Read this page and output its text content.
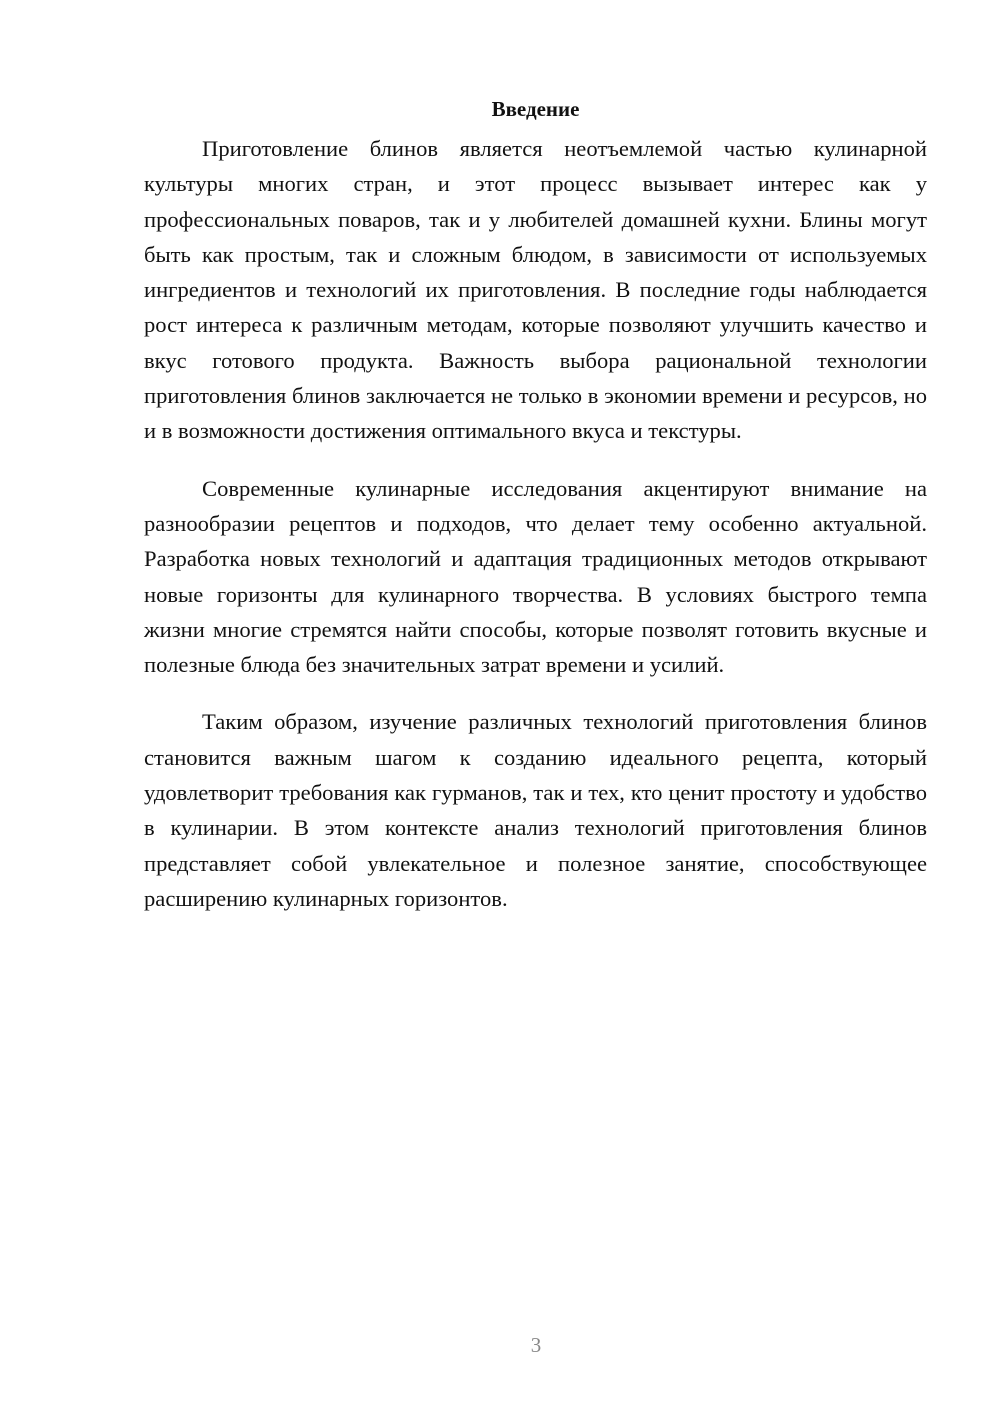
Введение

Приготовление блинов является неотъемлемой частью кулинарной культуры многих стран, и этот процесс вызывает интерес как у профессиональных поваров, так и у любителей домашней кухни. Блины могут быть как простым, так и сложным блюдом, в зависимости от используемых ингредиентов и технологий их приготовления. В последние годы наблюдается рост интереса к различным методам, которые позволяют улучшить качество и вкус готового продукта. Важность выбора рациональной технологии приготовления блинов заключается не только в экономии времени и ресурсов, но и в возможности достижения оптимального вкуса и текстуры.

Современные кулинарные исследования акцентируют внимание на разнообразии рецептов и подходов, что делает тему особенно актуальной. Разработка новых технологий и адаптация традиционных методов открывают новые горизонты для кулинарного творчества. В условиях быстрого темпа жизни многие стремятся найти способы, которые позволят готовить вкусные и полезные блюда без значительных затрат времени и усилий.

Таким образом, изучение различных технологий приготовления блинов становится важным шагом к созданию идеального рецепта, который удовлетворит требования как гурманов, так и тех, кто ценит простоту и удобство в кулинарии. В этом контексте анализ технологий приготовления блинов представляет собой увлекательное и полезное занятие, способствующее расширению кулинарных горизонтов.

3
